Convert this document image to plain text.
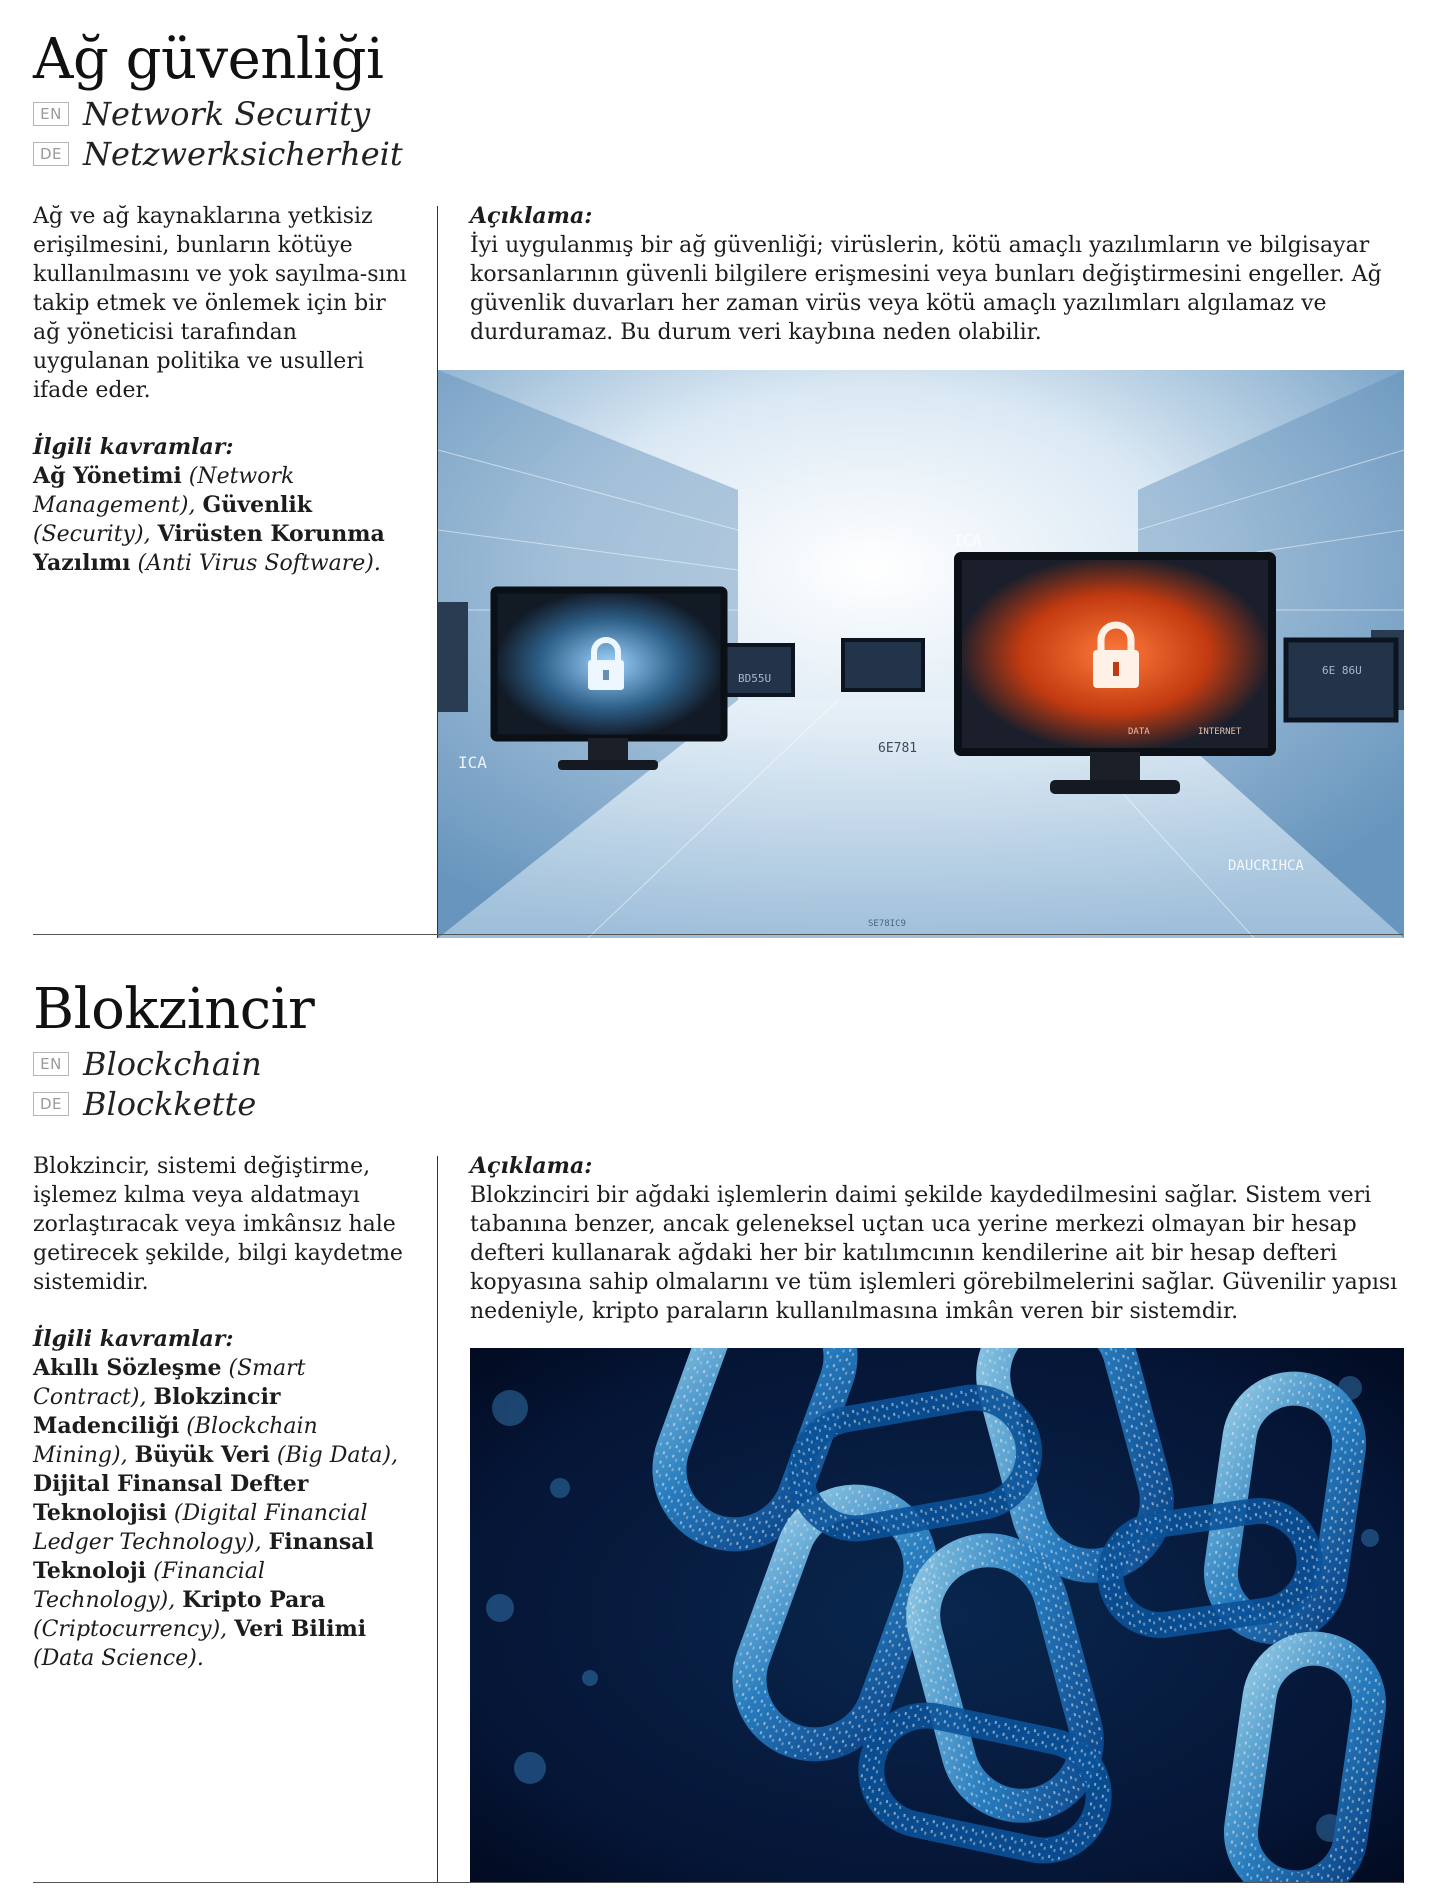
Ağ güvenliği
EN Network Security
DE Netzwerksicherheit
Ağ ve ağ kaynaklarına yetkisiz erişilmesini, bunların kötüye kullanılmasını ve yok sayılma-sını takip etmek ve önlemek için bir ağ yöneticisi tarafından uygulanan politika ve usulleri ifade eder.
İlgili kavramlar:
Ağ Yönetimi (Network Management), Güvenlik (Security), Virüsten Korunma Yazılımı (Anti Virus Software).
Açıklama:
İyi uygulanmış bir ağ güvenliği; virüslerin, kötü amaçlı yazılımların ve bilgisayar korsanlarının güvenli bilgilere erişmesini veya bunları değiştirmesini engeller. Ağ güvenlik duvarları her zaman virüs veya kötü amaçlı yazılımları algılamaz ve durduramaz. Bu durum veri kaybına neden olabilir.
ICA
ICA
BD55U
6E781
6E 86U
DATA	INTERNET
DAUCRIHCA
SE78IC9
Blokzincir
EN Blockchain
DE Blockkette
Blokzincir, sistemi değiştirme, işlemez kılma veya aldatmayı zorlaştıracak veya imkânsız hale getirecek şekilde, bilgi kaydetme sistemidir.
İlgili kavramlar:
Akıllı Sözleşme (Smart Contract), Blokzincir Madenciliği (Blockchain Mining), Büyük Veri (Big Data), Dijital Finansal Defter Teknolojisi (Digital Financial Ledger Technology), Finansal Teknoloji (Financial Technology), Kripto Para (Criptocurrency), Veri Bilimi (Data Science).
Açıklama:
Blokzinciri bir ağdaki işlemlerin daimi şekilde kaydedilmesini sağlar. Sistem veri tabanına benzer, ancak geleneksel uçtan uca yerine merkezi olmayan bir hesap defteri kullanarak ağdaki her bir katılımcının kendilerine ait bir hesap defteri kopyasına sahip olmalarını ve tüm işlemleri görebilmelerini sağlar. Güvenilir yapısı nedeniyle, kripto paraların kullanılmasına imkân veren bir sistemdir.
